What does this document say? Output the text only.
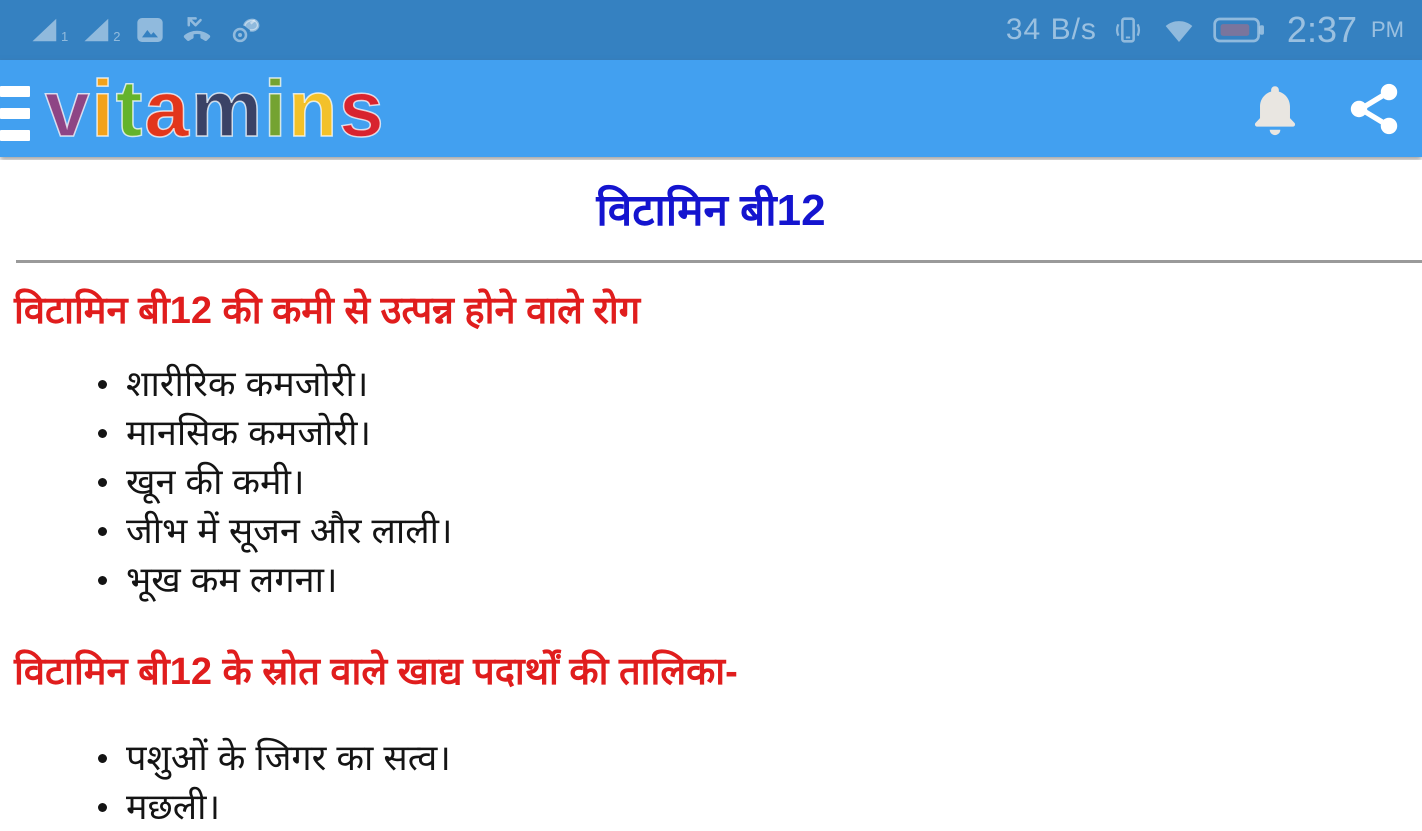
1	2	34 B/s	2:37 PM
v i t a m i n s
विटामिन बी12
विटामिन बी12 की कमी से उत्पन्न होने वाले रोग
शारीरिक कमजोरी।
मानसिक कमजोरी।
खून की कमी।
जीभ में सूजन और लाली।
भूख कम लगना।
विटामिन बी12 के स्रोत वाले खाद्य पदार्थों की तालिका-
पशुओं के जिगर का सत्व।
मछली।
